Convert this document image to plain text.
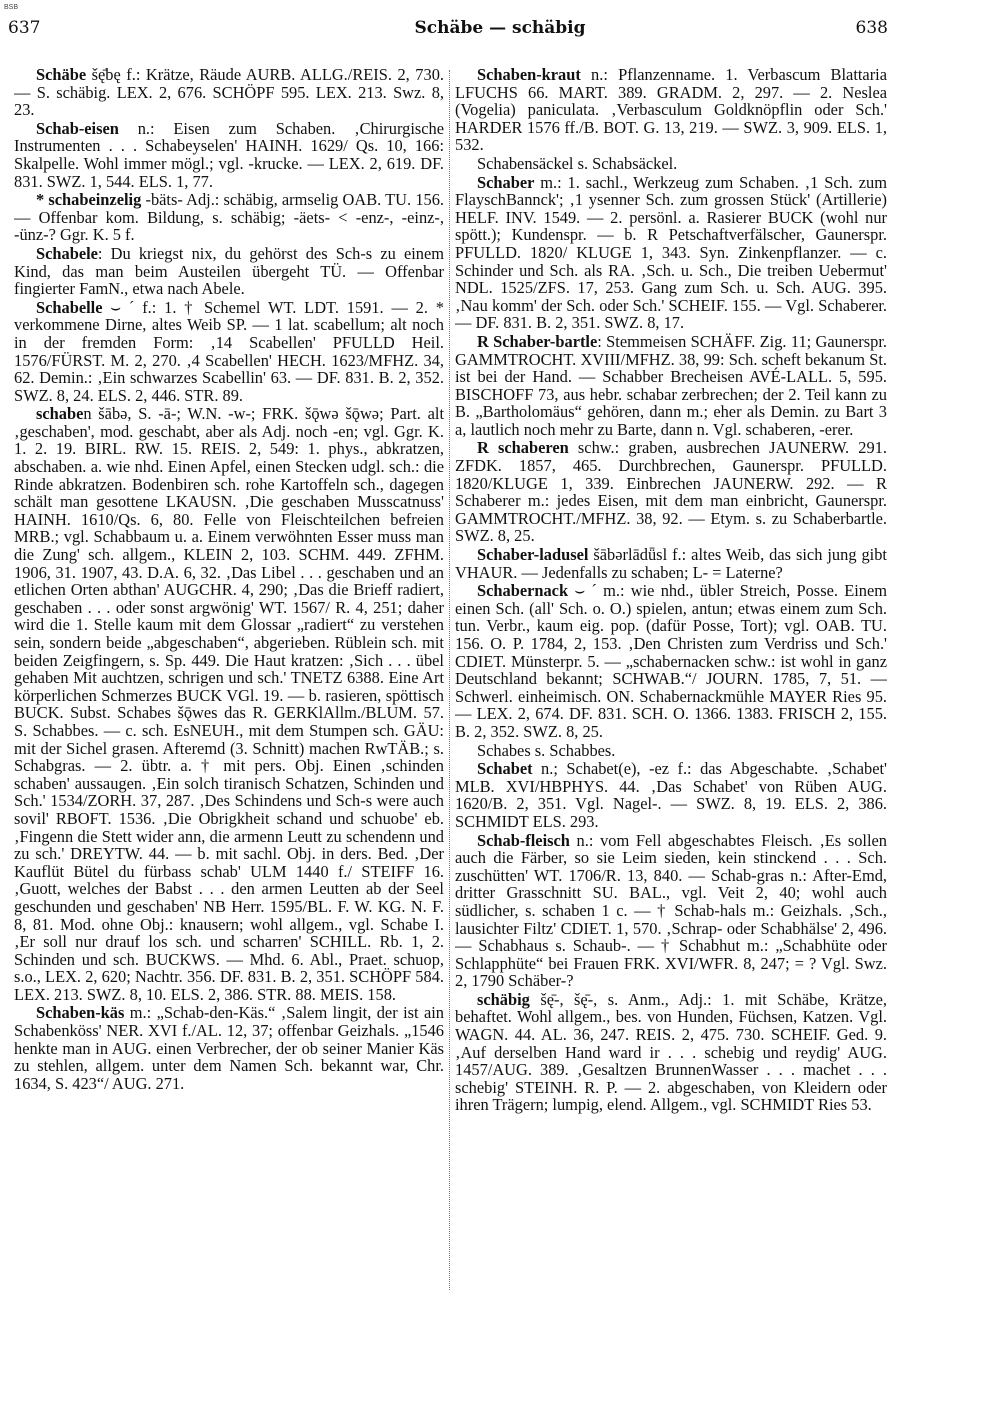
BSB
637	Schäbe — schäbig	638

Schäbe šę̄bę f.: Krätze, Räude AURB. ALLG./REIS. 2, 730. — S. schäbig. LEX. 2, 676. SCHÖPF 595. LEX. 213. Swz. 8, 23.

Schab-eisen n.: Eisen zum Schaben. ‚Chirurgische Instrumenten . . . Schabeyselen' HAINH. 1629/ Qs. 10, 166: Skalpelle. Wohl immer mögl.; vgl. -krucke. — LEX. 2, 619. DF. 831. SWZ. 1, 544. ELS. 1, 77.

* schabeinzelig -bäts- Adj.: schäbig, armselig OAB. TU. 156. — Offenbar kom. Bildung, s. schäbig; -äets- < -enz-, -einz-, -ünz-? Ggr. K. 5 f.

Schabele: Du kriegst nix, du gehörst des Sch-s zu einem Kind, das man beim Austeilen übergeht TÜ. — Offenbar fingierter FamN., etwa nach Abele.

Schabelle ⌣ ´ f.: 1. † Schemel WT. LDT. 1591. — 2. * verkommene Dirne, altes Weib SP. — 1 lat. scabellum; alt noch in der fremden Form: ‚14 Scabellen' PFULLD Heil. 1576/FÜRST. M. 2, 270. ‚4 Scabellen' HECH. 1623/MFHZ. 34, 62. Demin.: ‚Ein schwarzes Scabellin' 63. — DF. 831. B. 2, 352. SWZ. 8, 24. ELS. 2, 446. STR. 89.

schaben šābə, S. -ā-; W.N. -w-; FRK. šǭwə šǭwə; Part. alt ‚geschaben', mod. geschabt, aber als Adj. noch -en; vgl. Ggr. K. 1. 2. 19. BIRL. RW. 15. REIS. 2, 549: 1. phys., abkratzen, abschaben. a. wie nhd. Einen Apfel, einen Stecken udgl. sch.: die Rinde abkratzen. Bodenbiren sch. rohe Kartoffeln sch., dagegen schält man gesottene LKAUSN. ‚Die geschaben Musscatnuss' HAINH. 1610/Qs. 6, 80. Felle von Fleischteilchen befreien MRB.; vgl. Schabbaum u. a. Einem verwöhnten Esser muss man die Zung' sch. allgem., KLEIN 2, 103. SCHM. 449. ZFHM. 1906, 31. 1907, 43. D.A. 6, 32. ‚Das Libel . . . geschaben und an etlichen Orten abthan' AUGCHR. 4, 290; ‚Das die Brieff radiert, geschaben . . . oder sonst argwönig' WT. 1567/ R. 4, 251; daher wird die 1. Stelle kaum mit dem Glossar „radiert“ zu verstehen sein, sondern beide „abgeschaben“, abgerieben. Rüblein sch. mit beiden Zeigfingern, s. Sp. 449. Die Haut kratzen: ‚Sich . . . übel gehaben Mit auchtzen, schrigen und sch.' TNETZ 6388. Eine Art körperlichen Schmerzes BUCK VGl. 19. — b. rasieren, spöttisch BUCK. Subst. Schabes šǭwes das R. GERKlAllm./BLUM. 57. S. Schabbes. — c. sch. EsNEUH., mit dem Stumpen sch. GÄU: mit der Sichel grasen. Afteremd (3. Schnitt) machen RwTÄB.; s. Schabgras. — 2. übtr. a. † mit pers. Obj. Einen ‚schinden schaben' aussaugen. ‚Ein solch tiranisch Schatzen, Schinden und Sch.' 1534/ZORH. 37, 287. ‚Des Schindens und Sch-s were auch sovil' RBOFT. 1536. ‚Die Obrigkheit schand und schuobe' eb. ‚Fingenn die Stett wider ann, die armenn Leutt zu schendenn und zu sch.' DREYTW. 44. — b. mit sachl. Obj. in ders. Bed. ‚Der Kauflüt Bütel du fürbass schab' ULM 1440 f./ STEIFF 16. ‚Guott, welches der Babst . . . den armen Leutten ab der Seel geschunden und geschaben' NB Herr. 1595/BL. F. W. KG. N. F. 8, 81. Mod. ohne Obj.: knausern; wohl allgem., vgl. Schabe I. ‚Er soll nur drauf los sch. und scharren' SCHILL. Rb. 1, 2. Schinden und sch. BUCKWS. — Mhd. 6. Abl., Praet. schuop, s.o., LEX. 2, 620; Nachtr. 356. DF. 831. B. 2, 351. SCHÖPF 584. LEX. 213. SWZ. 8, 10. ELS. 2, 386. STR. 88. MEIS. 158.

Schaben-käs m.: „Schab-den-Käs.“ ‚Salem lingit, der ist ain Schabenköss' NER. XVI f./AL. 12, 37; offenbar Geizhals. „1546 henkte man in AUG. einen Verbrecher, der ob seiner Manier Käs zu stehlen, allgem. unter dem Namen Sch. bekannt war, Chr. 1634, S. 423“/ AUG. 271.

Schaben-kraut n.: Pflanzenname. 1. Verbascum Blattaria LFUCHS 66. MART. 389. GRADM. 2, 297. — 2. Neslea (Vogelia) paniculata. ‚Verbasculum Goldknöpflin oder Sch.' HARDER 1576 ff./B. BOT. G. 13, 219. — SWZ. 3, 909. ELS. 1, 532.

Schabensäckel s. Schabsäckel.

Schaber m.: 1. sachl., Werkzeug zum Schaben. ‚1 Sch. zum FlayschBannck'; ‚1 ysenner Sch. zum grossen Stück' (Artillerie) HELF. INV. 1549. — 2. persönl. a. Rasierer BUCK (wohl nur spött.); Kundenspr. — b. R Petschaftverfälscher, Gaunerspr. PFULLD. 1820/ KLUGE 1, 343. Syn. Zinkenpflanzer. — c. Schinder und Sch. als RA. ‚Sch. u. Sch., Die treiben Uebermut' NDL. 1525/ZFS. 17, 253. Gang zum Sch. u. Sch. AUG. 395. ‚Nau komm' der Sch. oder Sch.' SCHEIF. 155. — Vgl. Schaberer. — DF. 831. B. 2, 351. SWZ. 8, 17.

R Schaber-bartle: Stemmeisen SCHÄFF. Zig. 11; Gaunerspr. GAMMTROCHT. XVIII/MFHZ. 38, 99: Sch. scheft bekanum St. ist bei der Hand. — Schabber Brecheisen AVÉ-LALL. 5, 595. BISCHOFF 73, aus hebr. schabar zerbrechen; der 2. Teil kann zu B. „Bartholomäus“ gehören, dann m.; eher als Demin. zu Bart 3 a, lautlich noch mehr zu Barte, dann n. Vgl. schaberen, -erer.

R schaberen schw.: graben, ausbrechen JAUNERW. 291. ZFDK. 1857, 465. Durchbrechen, Gaunerspr. PFULLD. 1820/KLUGE 1, 339. Einbrechen JAUNERW. 292. — R Schaberer m.: jedes Eisen, mit dem man einbricht, Gaunerspr. GAMMTROCHT./MFHZ. 38, 92. — Etym. s. zu Schaberbartle. SWZ. 8, 25.

Schaber-ladusel šābərlādǖsl f.: altes Weib, das sich jung gibt VHAUR. — Jedenfalls zu schaben; L- = Laterne?

Schabernack ⌣ ´ m.: wie nhd., übler Streich, Posse. Einem einen Sch. (all' Sch. o. O.) spielen, antun; etwas einem zum Sch. tun. Verbr., kaum eig. pop. (dafür Posse, Tort); vgl. OAB. TU. 156. O. P. 1784, 2, 153. ‚Den Christen zum Verdriss und Sch.' CDIET. Münsterpr. 5. — „schabernacken schw.: ist wohl in ganz Deutschland bekannt; SCHWAB.“/ JOURN. 1785, 7, 51. — Schwerl. einheimisch. ON. Schabernackmühle MAYER Ries 95. — LEX. 2, 674. DF. 831. SCH. O. 1366. 1383. FRISCH 2, 155. B. 2, 352. SWZ. 8, 25.

Schabes s. Schabbes.

Schabet n.; Schabet(e), -ez f.: das Abgeschabte. ‚Schabet' MLB. XVI/HBPHYS. 44. ‚Das Schabet' von Rüben AUG. 1620/B. 2, 351. Vgl. Nagel-. — SWZ. 8, 19. ELS. 2, 386. SCHMIDT ELS. 293.

Schab-fleisch n.: vom Fell abgeschabtes Fleisch. ‚Es sollen auch die Färber, so sie Leim sieden, kein stinckend . . . Sch. zuschütten' WT. 1706/R. 13, 840. — Schab-gras n.: After-Emd, dritter Grasschnitt SU. BAL., vgl. Veit 2, 40; wohl auch südlicher, s. schaben 1 c. — † Schab-hals m.: Geizhals. ‚Sch., lausichter Filtz' CDIET. 1, 570. ‚Schrap- oder Schabhälse' 2, 496. — Schabhaus s. Schaub-. — † Schabhut m.: „Schabhüte oder Schlapphüte“ bei Frauen FRK. XVI/WFR. 8, 247; = ? Vgl. Swz. 2, 1790 Schäber-?

schäbig šę̄-, šę̄-, s. Anm., Adj.: 1. mit Schäbe, Krätze, behaftet. Wohl allgem., bes. von Hunden, Füchsen, Katzen. Vgl. WAGN. 44. AL. 36, 247. REIS. 2, 475. 730. SCHEIF. Ged. 9. ‚Auf derselben Hand ward ir . . . schebig und reydig' AUG. 1457/AUG. 389. ‚Gesaltzen BrunnenWasser . . . machet . . . schebig' STEINH. R. P. — 2. abgeschaben, von Kleidern oder ihren Trägern; lumpig, elend. Allgem., vgl. SCHMIDT Ries 53.
